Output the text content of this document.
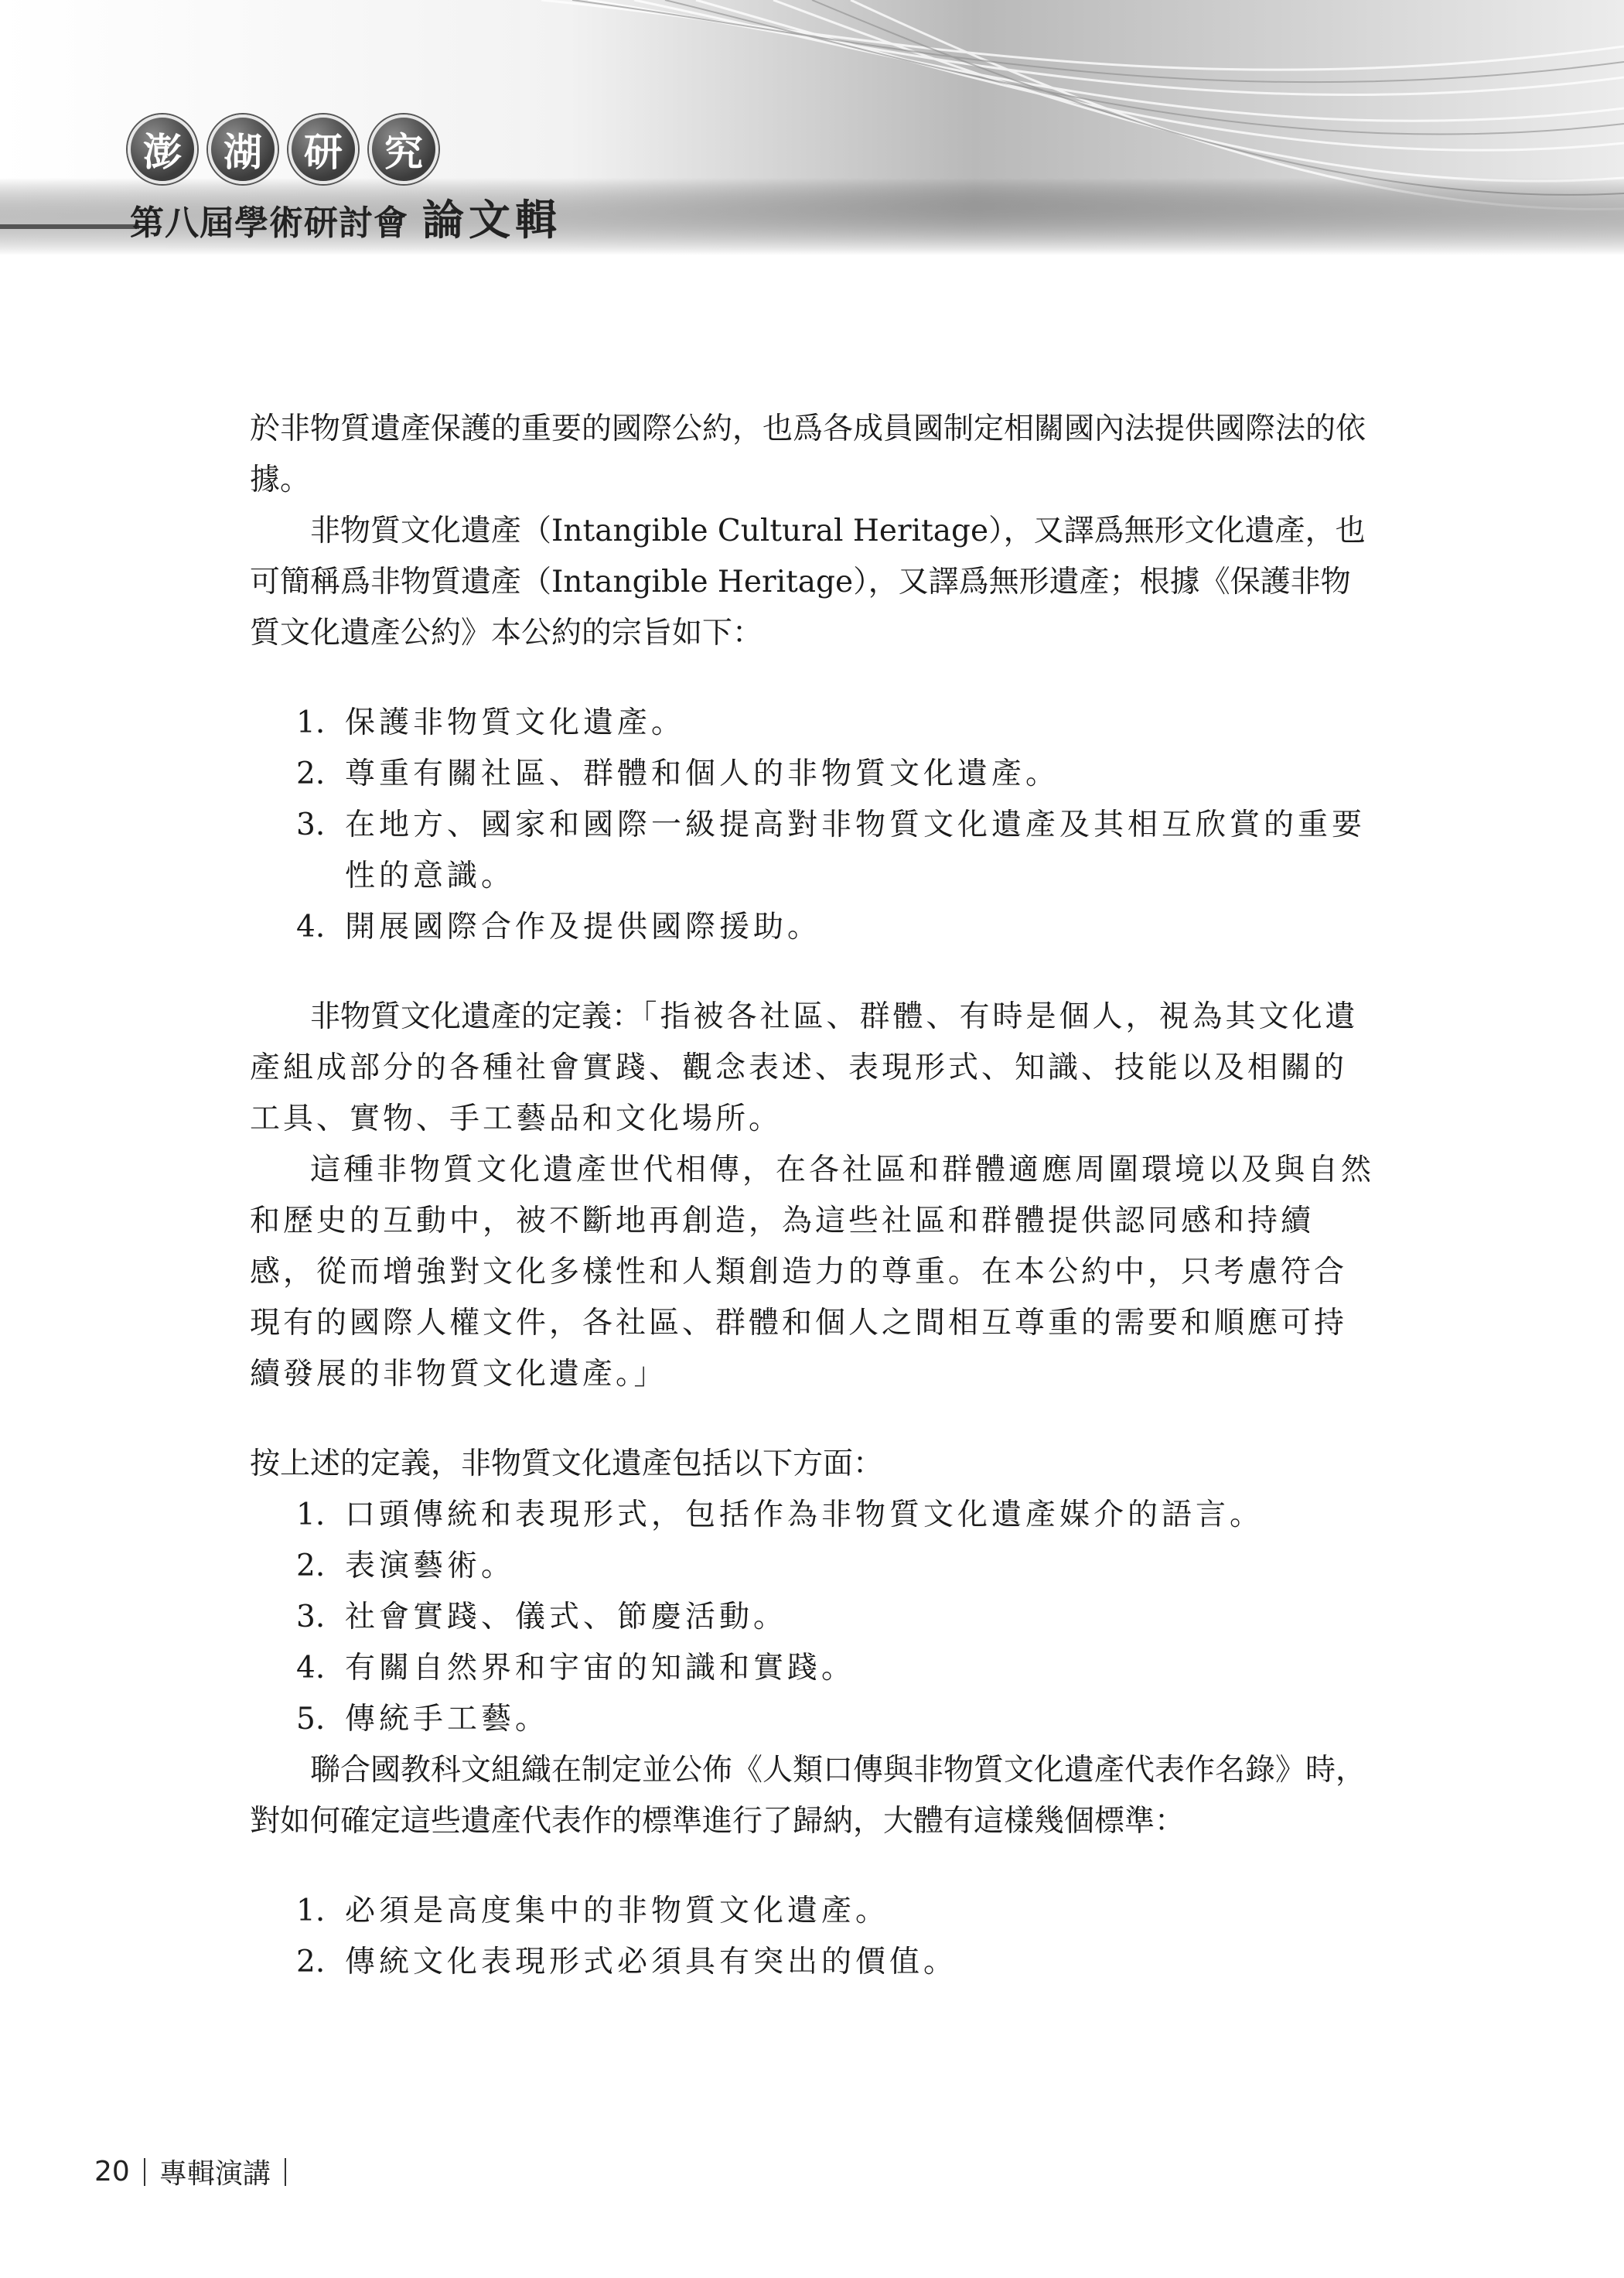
澎	湖	研	究
第八屆學術研討會 論文輯

於非物質遺產保護的重要的國際公約，也爲各成員國制定相關國內法提供國際法的依據。

非物質文化遺產（Intangible Cultural Heritage），又譯爲無形文化遺產，也可簡稱爲非物質遺產（Intangible Heritage），又譯爲無形遺產；根據《保護非物質文化遺產公約》本公約的宗旨如下：

1. 保護非物質文化遺產。
2. 尊重有關社區、群體和個人的非物質文化遺產。
3. 在地方、國家和國際一級提高對非物質文化遺產及其相互欣賞的重要性的意識。
4. 開展國際合作及提供國際援助。

非物質文化遺產的定義：「指被各社區、群體、有時是個人，視為其文化遺產組成部分的各種社會實踐、觀念表述、表現形式、知識、技能以及相關的工具、實物、手工藝品和文化場所。

這種非物質文化遺產世代相傳，在各社區和群體適應周圍環境以及與自然和歷史的互動中，被不斷地再創造，為這些社區和群體提供認同感和持續感，從而增強對文化多樣性和人類創造力的尊重。在本公約中，只考慮符合現有的國際人權文件，各社區、群體和個人之間相互尊重的需要和順應可持續發展的非物質文化遺產。」

按上述的定義，非物質文化遺產包括以下方面：

1. 口頭傳統和表現形式，包括作為非物質文化遺產媒介的語言。
2. 表演藝術。
3. 社會實踐、儀式、節慶活動。
4. 有關自然界和宇宙的知識和實踐。
5. 傳統手工藝。

聯合國教科文組織在制定並公佈《人類口傳與非物質文化遺產代表作名錄》時，對如何確定這些遺產代表作的標準進行了歸納，大體有這樣幾個標準：

1. 必須是高度集中的非物質文化遺產。
2. 傳統文化表現形式必須具有突出的價值。
20 專輯演講
